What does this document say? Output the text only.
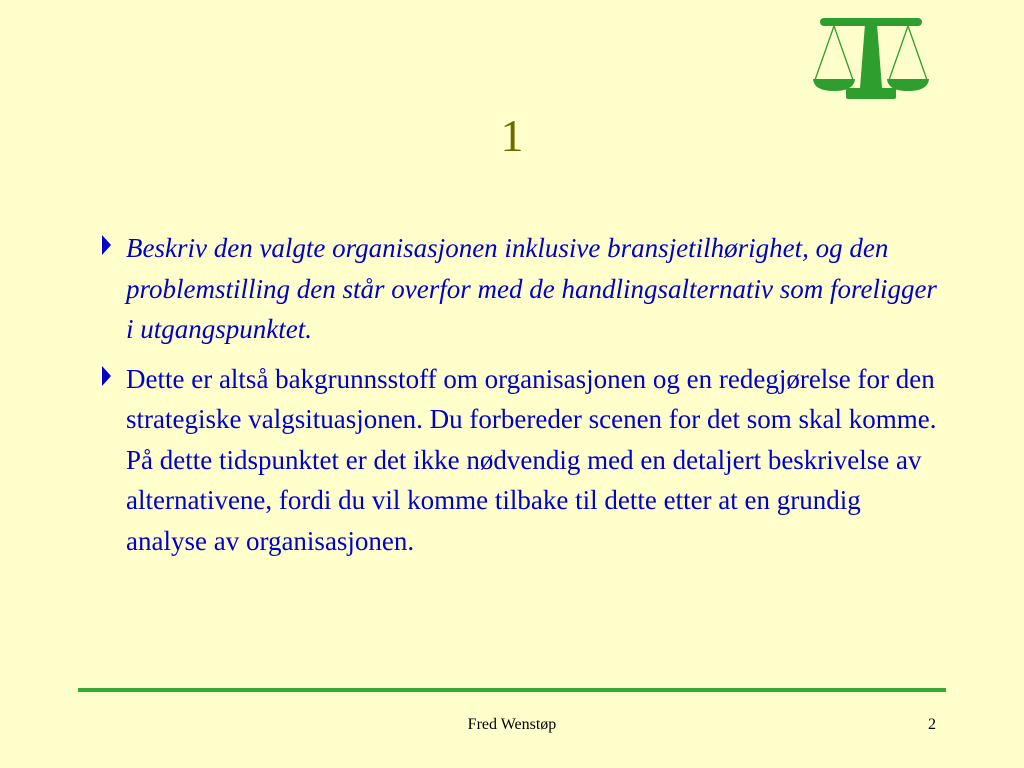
1
Beskriv den valgte organisasjonen inklusive bransjetilhørighet, og den problemstilling den står overfor med de handlingsalternativ som foreligger i utgangspunktet.
Dette er altså bakgrunnsstoff om organisasjonen og en redegjørelse for den strategiske valgsituasjonen. Du forbereder scenen for det som skal komme. På dette tidspunktet er det ikke nødvendig med en detaljert beskrivelse av alternativene, fordi du vil komme tilbake til dette etter at en grundig analyse av organisasjonen.
Fred Wenstøp	2
